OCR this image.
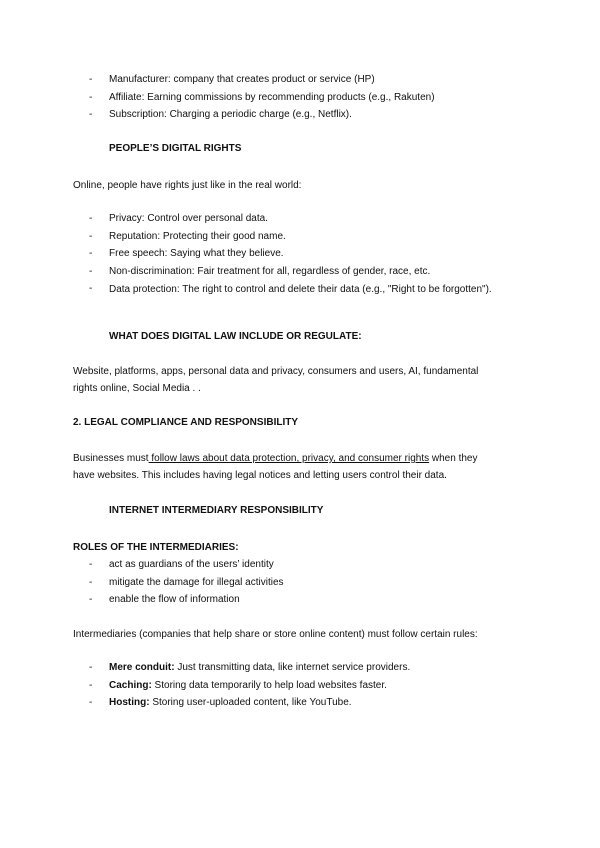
- Manufacturer: company that creates product or service (HP)
- Affiliate: Earning commissions by recommending products (e.g., Rakuten)
- Subscription: Charging a periodic charge (e.g., Netflix).
PEOPLE’S DIGITAL RIGHTS
Online, people have rights just like in the real world:
- Privacy: Control over personal data.
- Reputation: Protecting their good name.
- Free speech: Saying what they believe.
- Non-discrimination: Fair treatment for all, regardless of gender, race, etc.
- Data protection: The right to control and delete their data (e.g., "Right to be forgotten").
WHAT DOES DIGITAL LAW INCLUDE OR REGULATE:
Website, platforms, apps, personal data and privacy, consumers and users, AI, fundamental
rights online, Social Media . .
2. LEGAL COMPLIANCE AND RESPONSIBILITY
Businesses must follow laws about data protection, privacy, and consumer rights when they
have websites. This includes having legal notices and letting users control their data.
INTERNET INTERMEDIARY RESPONSIBILITY
ROLES OF THE INTERMEDIARIES:
- act as guardians of the users’ identity
- mitigate the damage for illegal activities
- enable the flow of information
Intermediaries (companies that help share or store online content) must follow certain rules:
- Mere conduit: Just transmitting data, like internet service providers.
- Caching: Storing data temporarily to help load websites faster.
- Hosting: Storing user-uploaded content, like YouTube.
